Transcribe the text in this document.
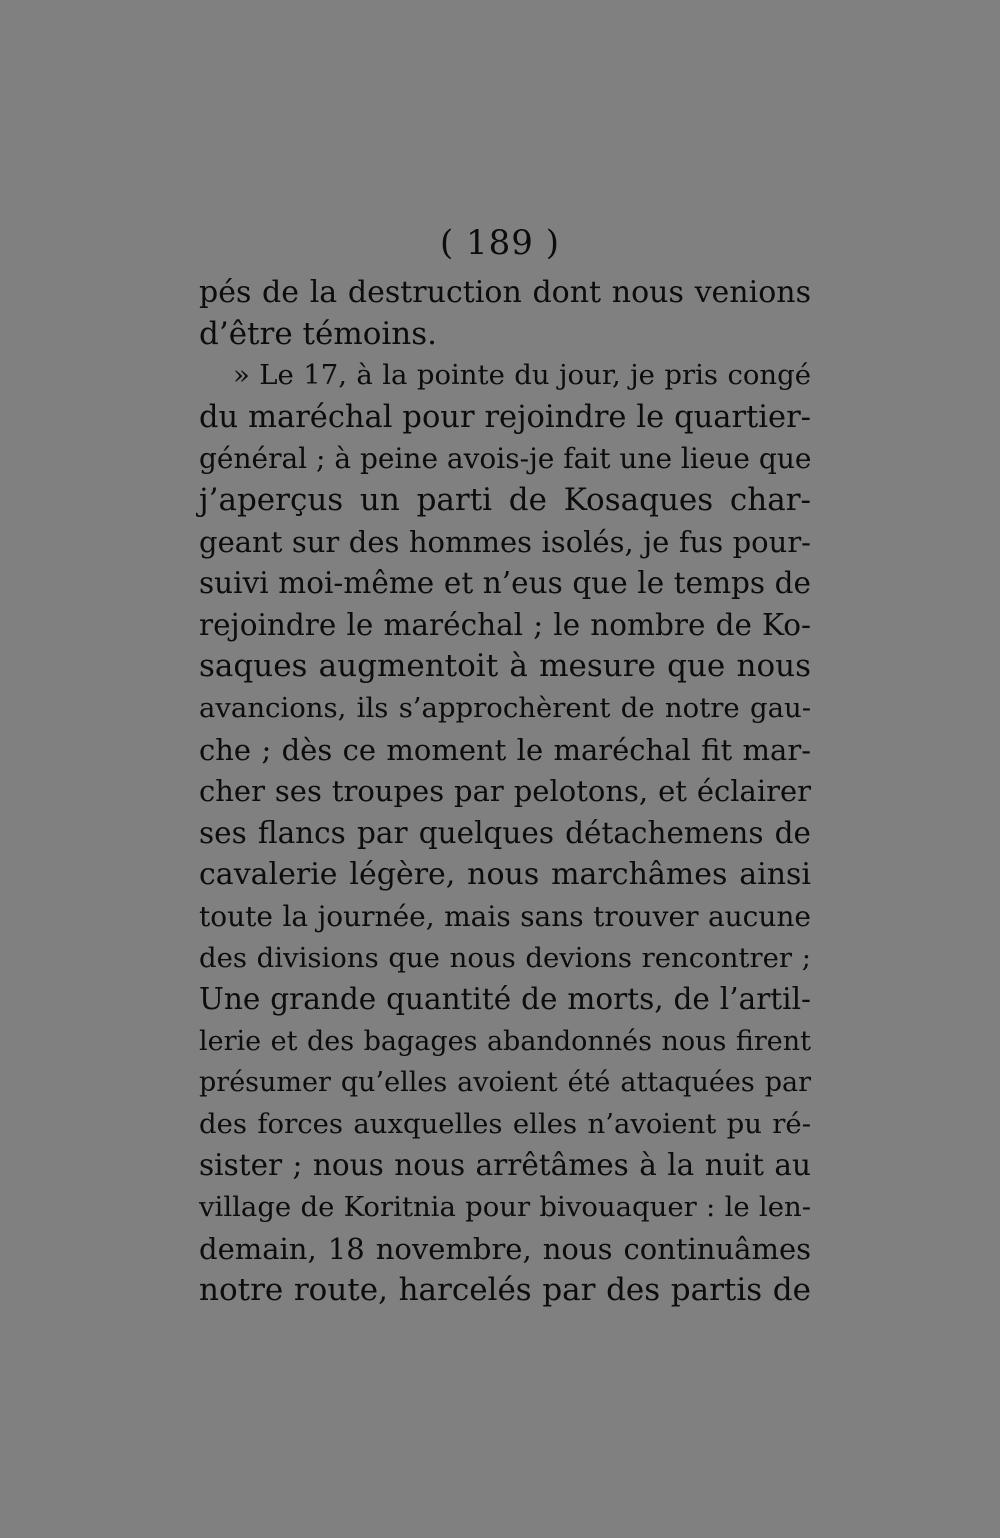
( 189 )
pés de la destruction dont nous venions
d’être témoins.
» Le 17, à la pointe du jour, je pris congé
du maréchal pour rejoindre le quartier-
général ; à peine avois-je fait une lieue que
j’aperçus un parti de Kosaques char-
geant sur des hommes isolés, je fus pour-
suivi moi-même et n’eus que le temps de
rejoindre le maréchal ; le nombre de Ko-
saques augmentoit à mesure que nous
avancions, ils s’approchèrent de notre gau-
che ; dès ce moment le maréchal fit mar-
cher ses troupes par pelotons, et éclairer
ses flancs par quelques détachemens de
cavalerie légère, nous marchâmes ainsi
toute la journée, mais sans trouver aucune
des divisions que nous devions rencontrer ;
Une grande quantité de morts, de l’artil-
lerie et des bagages abandonnés nous firent
présumer qu’elles avoient été attaquées par
des forces auxquelles elles n’avoient pu ré-
sister ; nous nous arrêtâmes à la nuit au
village de Koritnia pour bivouaquer : le len-
demain, 18 novembre, nous continuâmes
notre route, harcelés par des partis de
